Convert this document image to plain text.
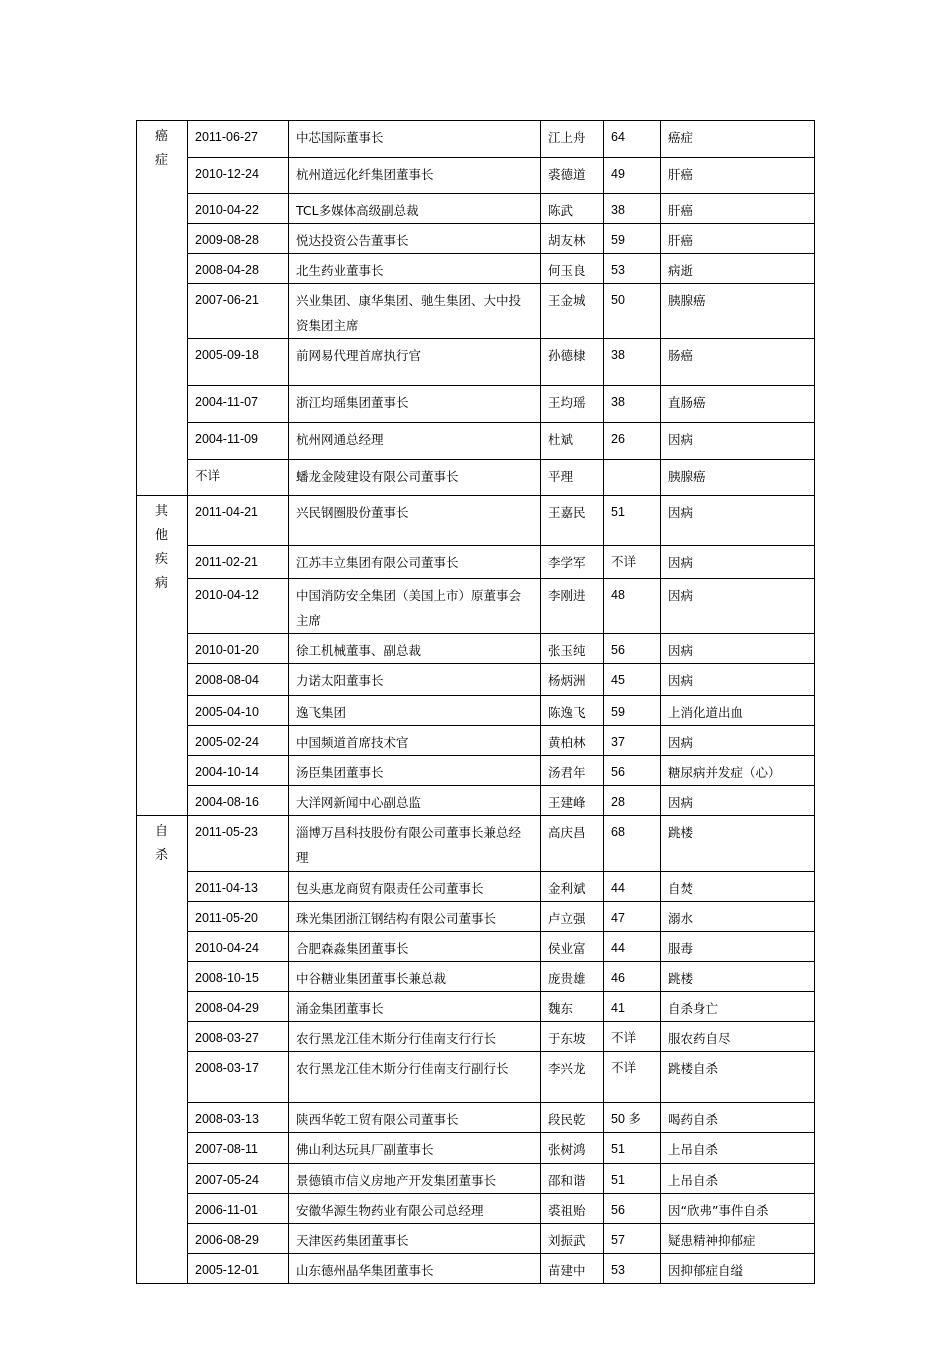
癌
症	2011-06-27	中芯国际董事长	江上舟	64	癌症
	2010-12-24	杭州道远化纤集团董事长	裘德道	49	肝癌
	2010-04-22	TCL多媒体高级副总裁	陈武	38	肝癌
	2009-08-28	悦达投资公告董事长	胡友林	59	肝癌
	2008-04-28	北生药业董事长	何玉良	53	病逝
	2007-06-21	兴业集团、康华集团、驰生集团、大中投资集团主席	王金城	50	胰腺癌
	2005-09-18	前网易代理首席执行官	孙德棣	38	肠癌
	2004-11-07	浙江均瑶集团董事长	王均瑶	38	直肠癌
	2004-11-09	杭州网通总经理	杜斌	26	因病
	不详	蟠龙金陵建设有限公司董事长	平理		胰腺癌

其
他
疾
病	2011-04-21	兴民钢圈股份董事长	王嘉民	51	因病
	2011-02-21	江苏丰立集团有限公司董事长	李学军	不详	因病
	2010-04-12	中国消防安全集团（美国上市）原董事会主席	李刚进	48	因病
	2010-01-20	徐工机械董事、副总裁	张玉纯	56	因病
	2008-08-04	力诺太阳董事长	杨炳洲	45	因病
	2005-04-10	逸飞集团	陈逸飞	59	上消化道出血
	2005-02-24	中国频道首席技术官	黄柏林	37	因病
	2004-10-14	汤臣集团董事长	汤君年	56	糖尿病并发症（心）
	2004-08-16	大洋网新闻中心副总监	王建峰	28	因病

自
杀	2011-05-23	淄博万昌科技股份有限公司董事长兼总经理	高庆昌	68	跳楼
	2011-04-13	包头惠龙商贸有限责任公司董事长	金利斌	44	自焚
	2011-05-20	珠光集团浙江钢结构有限公司董事长	卢立强	47	溺水
	2010-04-24	合肥森淼集团董事长	侯业富	44	服毒
	2008-10-15	中谷糖业集团董事长兼总裁	庞贵雄	46	跳楼
	2008-04-29	涌金集团董事长	魏东	41	自杀身亡
	2008-03-27	农行黑龙江佳木斯分行佳南支行行长	于东坡	不详	服农药自尽
	2008-03-17	农行黑龙江佳木斯分行佳南支行副行长	李兴龙	不详	跳楼自杀
	2008-03-13	陕西华乾工贸有限公司董事长	段民乾	50 多	喝药自杀
	2007-08-11	佛山利达玩具厂副董事长	张树鸿	51	上吊自杀
	2007-05-24	景德镇市信义房地产开发集团董事长	邵和谐	51	上吊自杀
	2006-11-01	安徽华源生物药业有限公司总经理	裘祖贻	56	因“欣弗”事件自杀
	2006-08-29	天津医药集团董事长	刘振武	57	疑患精神抑郁症
	2005-12-01	山东德州晶华集团董事长	苗建中	53	因抑郁症自缢
